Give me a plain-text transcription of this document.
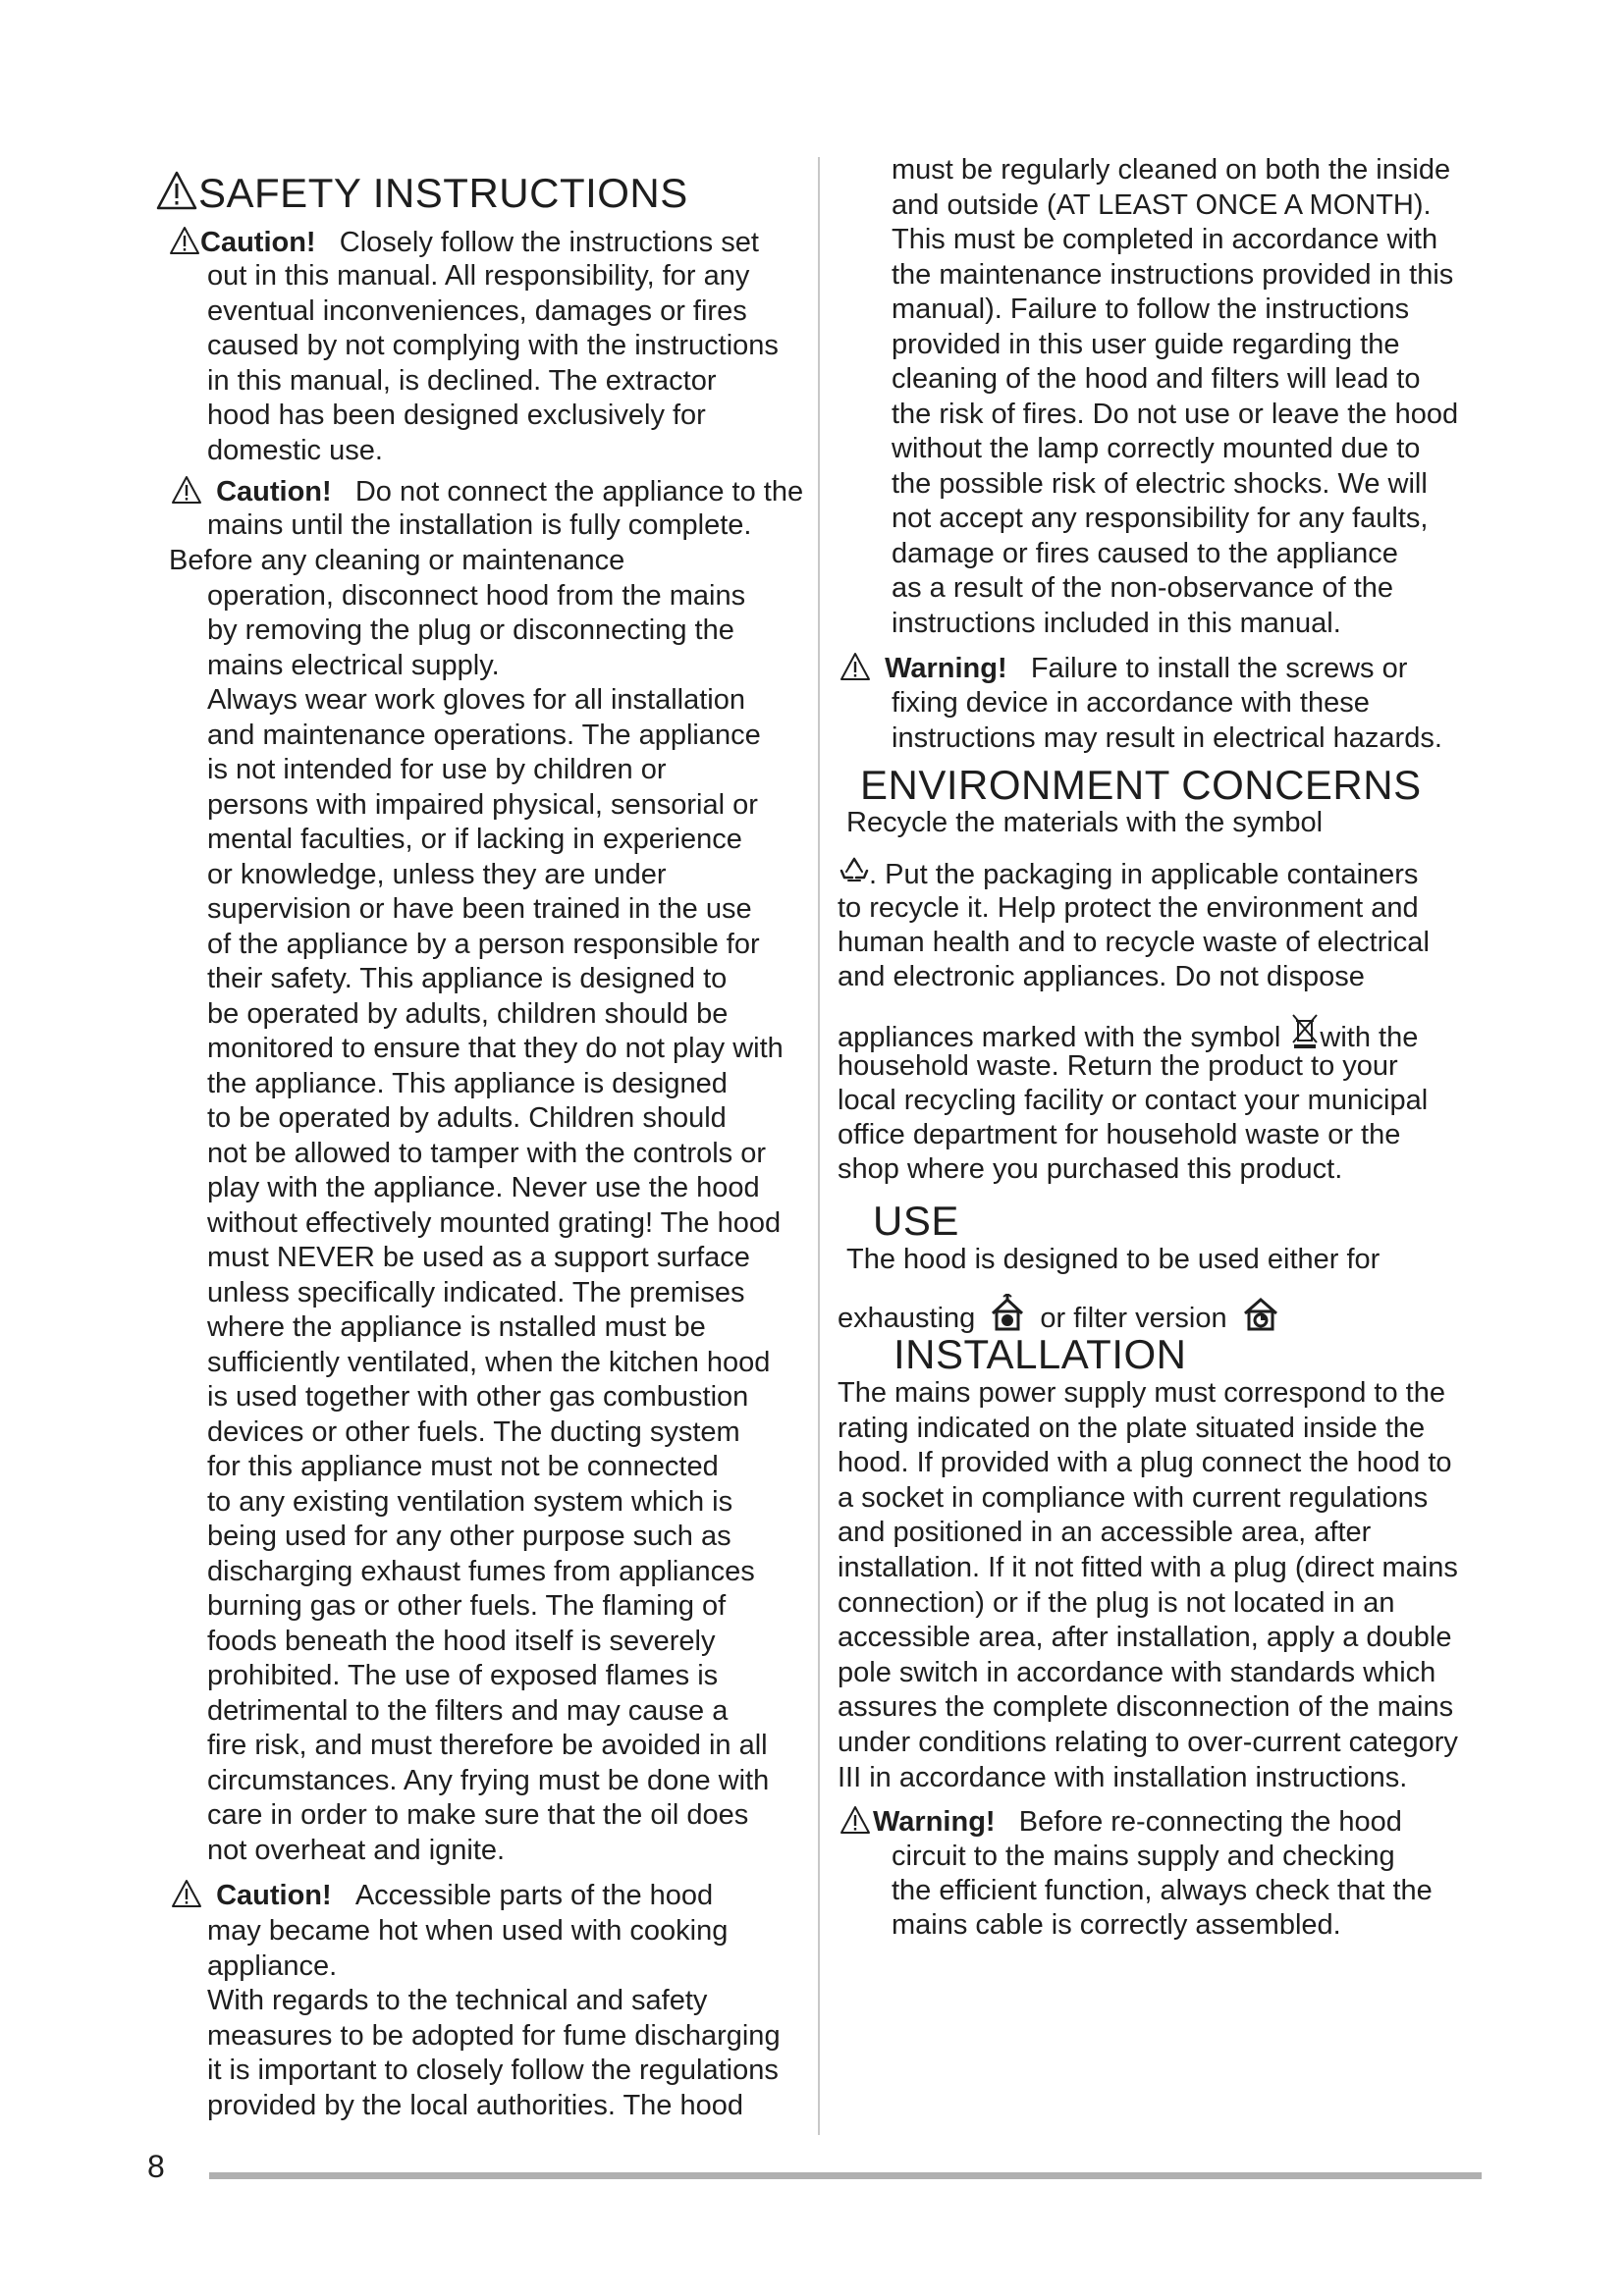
SAFETY INSTRUCTIONS
Caution! Closely follow the instructions set
out in this manual. All responsibility, for any
eventual inconveniences, damages or fires
caused by not complying with the instructions
in this manual, is declined. The extractor
hood has been designed exclusively for
domestic use.
Caution! Do not connect the appliance to the
mains until the installation is fully complete.
Before any cleaning or maintenance
operation, disconnect hood from the mains
by removing the plug or disconnecting the
mains electrical supply.
Always wear work gloves for all installation
and maintenance operations. The appliance
is not intended for use by children or
persons with impaired physical, sensorial or
mental faculties, or if lacking in experience
or knowledge, unless they are under
supervision or have been trained in the use
of the appliance by a person responsible for
their safety. This appliance is designed to
be operated by adults, children should be
monitored to ensure that they do not play with
the appliance. This appliance is designed
to be operated by adults. Children should
not be allowed to tamper with the controls or
play with the appliance. Never use the hood
without effectively mounted grating! The hood
must NEVER be used as a support surface
unless specifically indicated. The premises
where the appliance is nstalled must be
sufficiently ventilated, when the kitchen hood
is used together with other gas combustion
devices or other fuels. The ducting system
for this appliance must not be connected
to any existing ventilation system which is
being used for any other purpose such as
discharging exhaust fumes from appliances
burning gas or other fuels. The flaming of
foods beneath the hood itself is severely
prohibited. The use of exposed flames is
detrimental to the filters and may cause a
fire risk, and must therefore be avoided in all
circumstances. Any frying must be done with
care in order to make sure that the oil does
not overheat and ignite.
Caution! Accessible parts of the hood
may became hot when used with cooking
appliance.
With regards to the technical and safety
measures to be adopted for fume discharging
it is important to closely follow the regulations
provided by the local authorities. The hood
must be regularly cleaned on both the inside
and outside (AT LEAST ONCE A MONTH).
This must be completed in accordance with
the maintenance instructions provided in this
manual). Failure to follow the instructions
provided in this user guide regarding the
cleaning of the hood and filters will lead to
the risk of fires. Do not use or leave the hood
without the lamp correctly mounted due to
the possible risk of electric shocks. We will
not accept any responsibility for any faults,
damage or fires caused to the appliance
as a result of the non-observance of the
instructions included in this manual.
Warning! Failure to install the screws or
fixing device in accordance with these
instructions may result in electrical hazards.
ENVIRONMENT CONCERNS
Recycle the materials with the symbol
. Put the packaging in applicable containers
to recycle it. Help protect the environment and
human health and to recycle waste of electrical
and electronic appliances. Do not dispose
appliances marked with the symbol with the
household waste. Return the product to your
local recycling facility or contact your municipal
office department for household waste or the
shop where you purchased this product.
USE
The hood is designed to be used either for
exhausting or filter version
INSTALLATION
The mains power supply must correspond to the
rating indicated on the plate situated inside the
hood. If provided with a plug connect the hood to
a socket in compliance with current regulations
and positioned in an accessible area, after
installation. If it not fitted with a plug (direct mains
connection) or if the plug is not located in an
accessible area, after installation, apply a double
pole switch in accordance with standards which
assures the complete disconnection of the mains
under conditions relating to over-current category
III in accordance with installation instructions.
Warning! Before re-connecting the hood
circuit to the mains supply and checking
the efficient function, always check that the
mains cable is correctly assembled.
8
